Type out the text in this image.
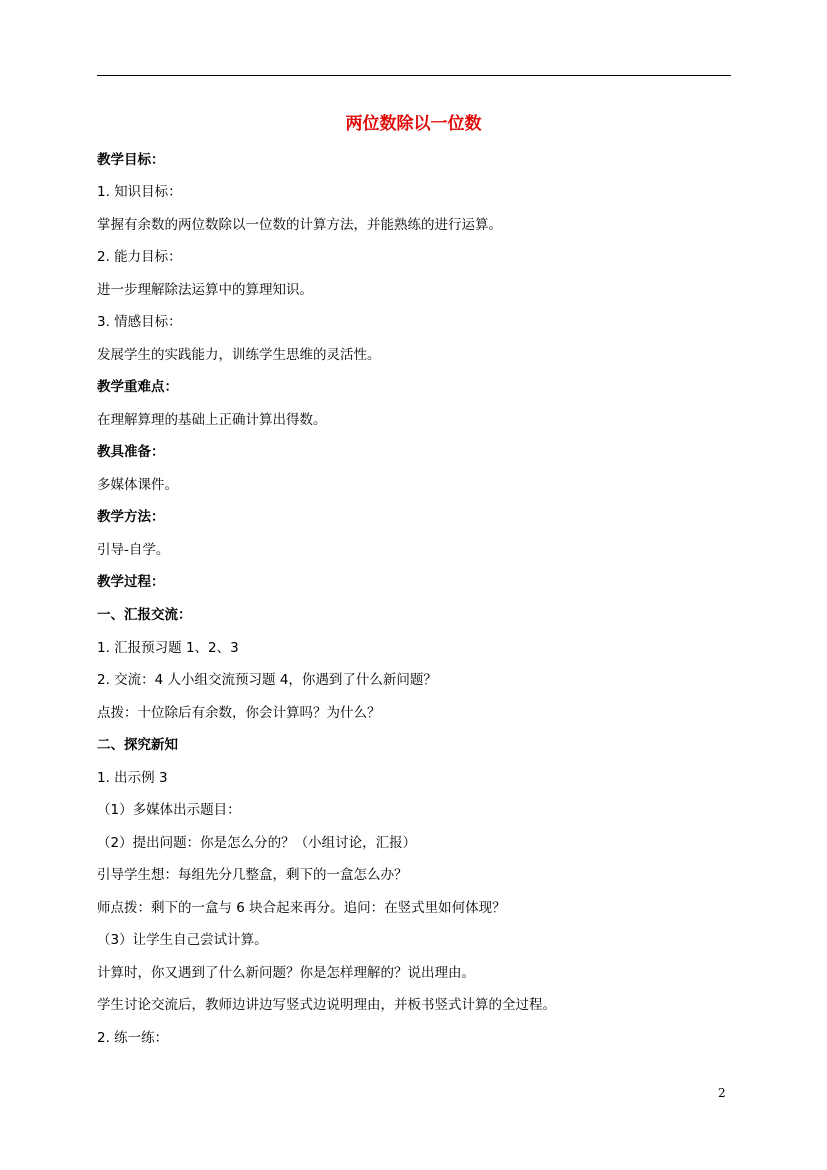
两位数除以一位数
教学目标：
1. 知识目标：
掌握有余数的两位数除以一位数的计算方法，并能熟练的进行运算。
2. 能力目标：
进一步理解除法运算中的算理知识。
3. 情感目标：
发展学生的实践能力，训练学生思维的灵活性。
教学重难点：
在理解算理的基础上正确计算出得数。
教具准备：
多媒体课件。
教学方法：
引导-自学。
教学过程：
一、汇报交流：
1. 汇报预习题 1、2、3
2. 交流：4 人小组交流预习题 4，你遇到了什么新问题？
点拨：十位除后有余数，你会计算吗？为什么？
二、探究新知
1. 出示例 3
（1）多媒体出示题目：
（2）提出问题：你是怎么分的？（小组讨论，汇报）
引导学生想：每组先分几整盒，剩下的一盒怎么办？
师点拨：剩下的一盒与 6 块合起来再分。追问：在竖式里如何体现？
（3）让学生自己尝试计算。
计算时，你又遇到了什么新问题？你是怎样理解的？说出理由。
学生讨论交流后，教师边讲边写竖式边说明理由，并板书竖式计算的全过程。
2. 练一练：
2
